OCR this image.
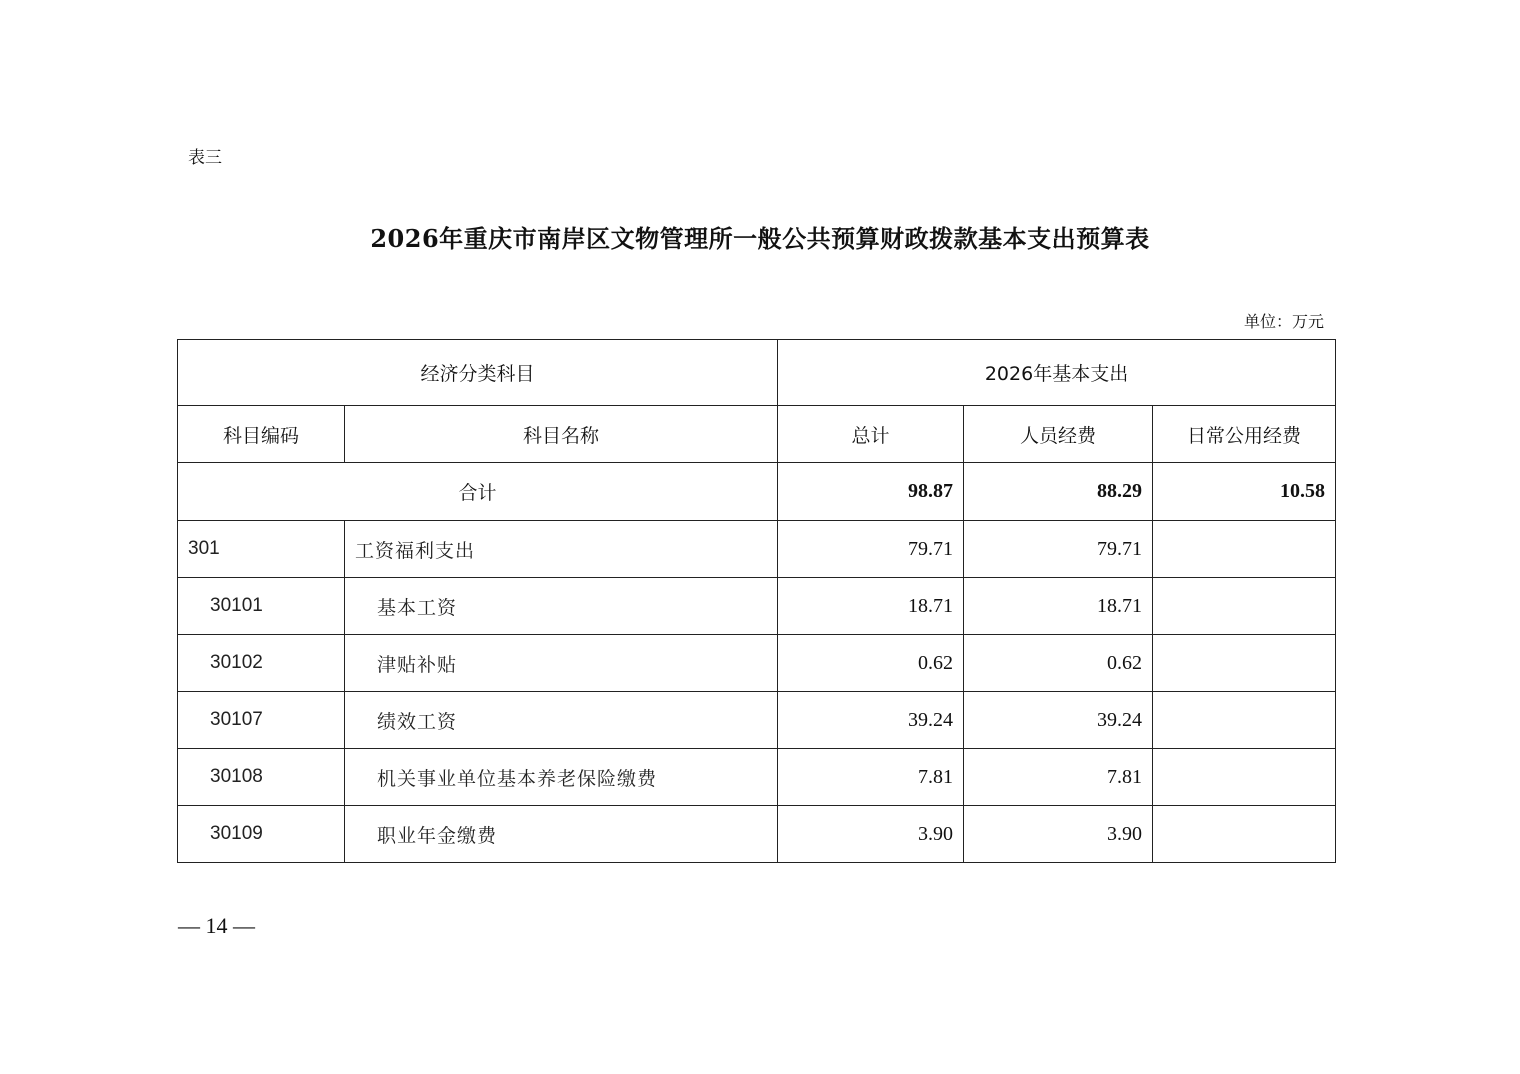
表三
2026年重庆市南岸区文物管理所一般公共预算财政拨款基本支出预算表
单位：万元
经济分类科目		2026年基本支出		
科目编码	科目名称	总计	人员经费	日常公用经费
合计		98.87	88.29	10.58
301	工资福利支出	79.71	79.71	
30101	基本工资	18.71	18.71	
30102	津贴补贴	0.62	0.62	
30107	绩效工资	39.24	39.24	
30108	机关事业单位基本养老保险缴费	7.81	7.81	
30109	职业年金缴费	3.90	3.90	
— 14 —
